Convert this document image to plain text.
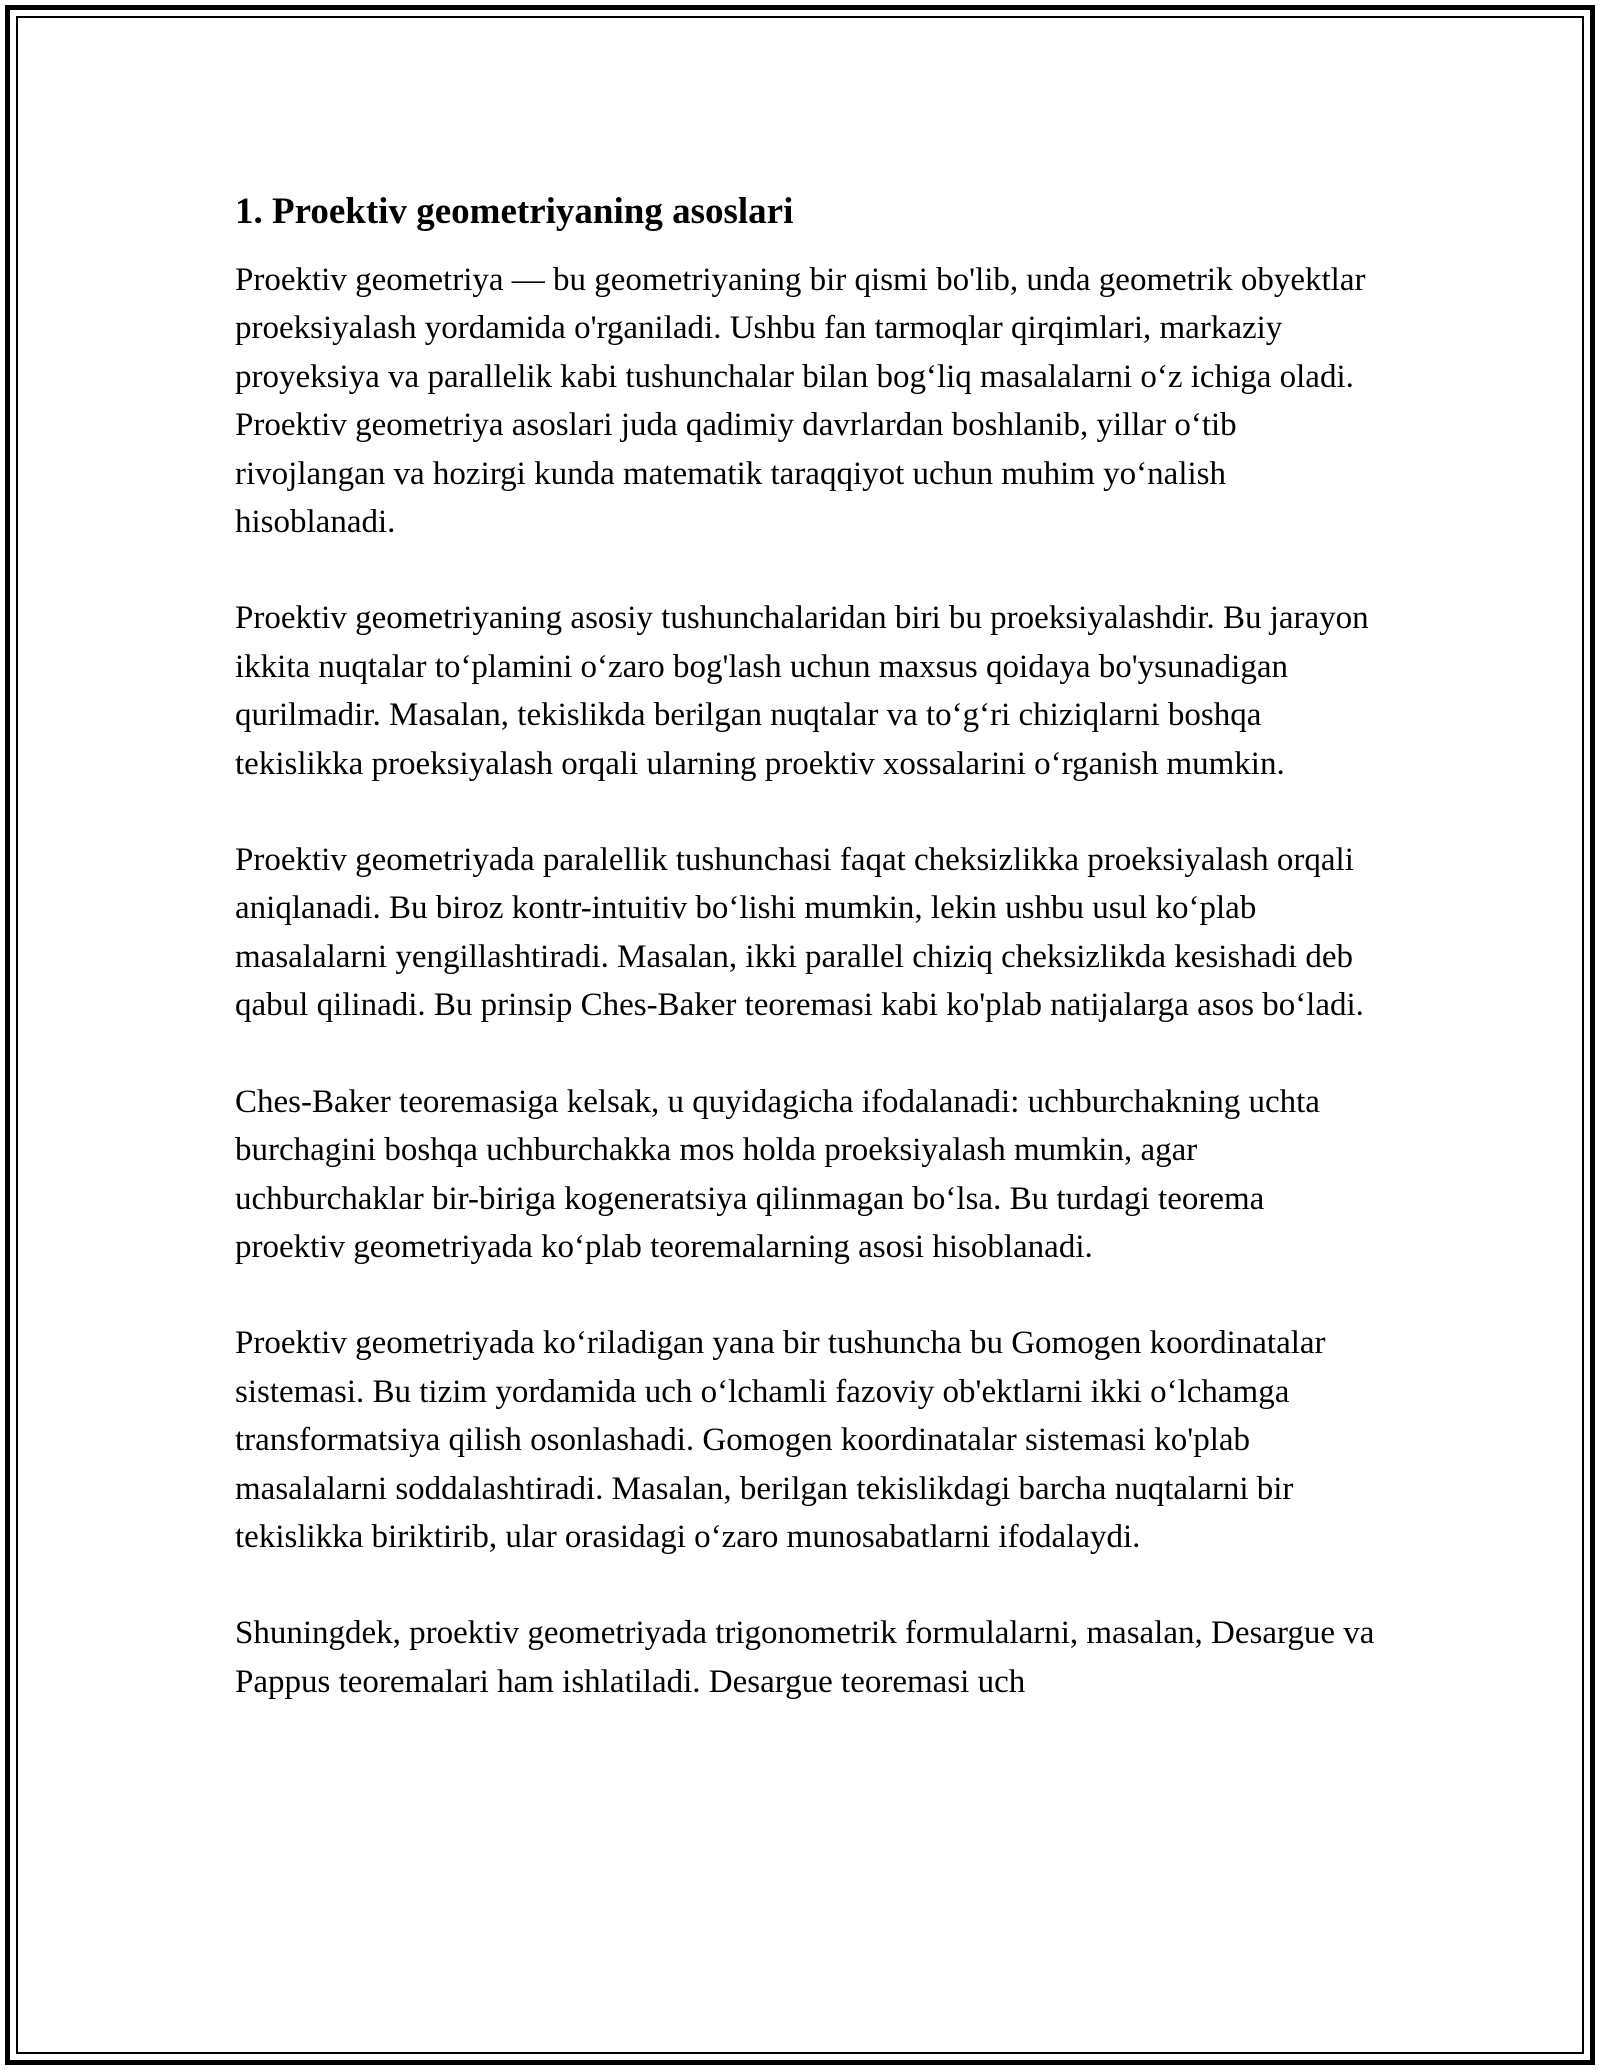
1. Proektiv geometriyaning asoslari

Proektiv geometriya — bu geometriyaning bir qismi bo'lib, unda geometrik obyektlar proeksiyalash yordamida o'rganiladi. Ushbu fan tarmoqlar qirqimlari, markaziy proyeksiya va parallelik kabi tushunchalar bilan bog‘liq masalalarni o‘z ichiga oladi. Proektiv geometriya asoslari juda qadimiy davrlardan boshlanib, yillar o‘tib rivojlangan va hozirgi kunda matematik taraqqiyot uchun muhim yo‘nalish hisoblanadi.

Proektiv geometriyaning asosiy tushunchalaridan biri bu proeksiyalashdir. Bu jarayon ikkita nuqtalar to‘plamini o‘zaro bog'lash uchun maxsus qoidaya bo'ysunadigan qurilmadir. Masalan, tekislikda berilgan nuqtalar va to‘g‘ri chiziqlarni boshqa tekislikka proeksiyalash orqali ularning proektiv xossalarini o‘rganish mumkin.

Proektiv geometriyada paralellik tushunchasi faqat cheksizlikka proeksiyalash orqali aniqlanadi. Bu biroz kontr-intuitiv bo‘lishi mumkin, lekin ushbu usul ko‘plab masalalarni yengillashtiradi. Masalan, ikki parallel chiziq cheksizlikda kesishadi deb qabul qilinadi. Bu prinsip Ches-Baker teoremasi kabi ko'plab natijalarga asos bo‘ladi.

Ches-Baker teoremasiga kelsak, u quyidagicha ifodalanadi: uchburchakning uchta burchagini boshqa uchburchakka mos holda proeksiyalash mumkin, agar uchburchaklar bir-biriga kogeneratsiya qilinmagan bo‘lsa. Bu turdagi teorema proektiv geometriyada ko‘plab teoremalarning asosi hisoblanadi.

Proektiv geometriyada ko‘riladigan yana bir tushuncha bu Gomogen koordinatalar sistemasi. Bu tizim yordamida uch o‘lchamli fazoviy ob'ektlarni ikki o‘lchamga transformatsiya qilish osonlashadi. Gomogen koordinatalar sistemasi ko'plab masalalarni soddalashtiradi. Masalan, berilgan tekislikdagi barcha nuqtalarni bir tekislikka biriktirib, ular orasidagi o‘zaro munosabatlarni ifodalaydi.

Shuningdek, proektiv geometriyada trigonometrik formulalarni, masalan, Desargue va Pappus teoremalari ham ishlatiladi. Desargue teoremasi uch
